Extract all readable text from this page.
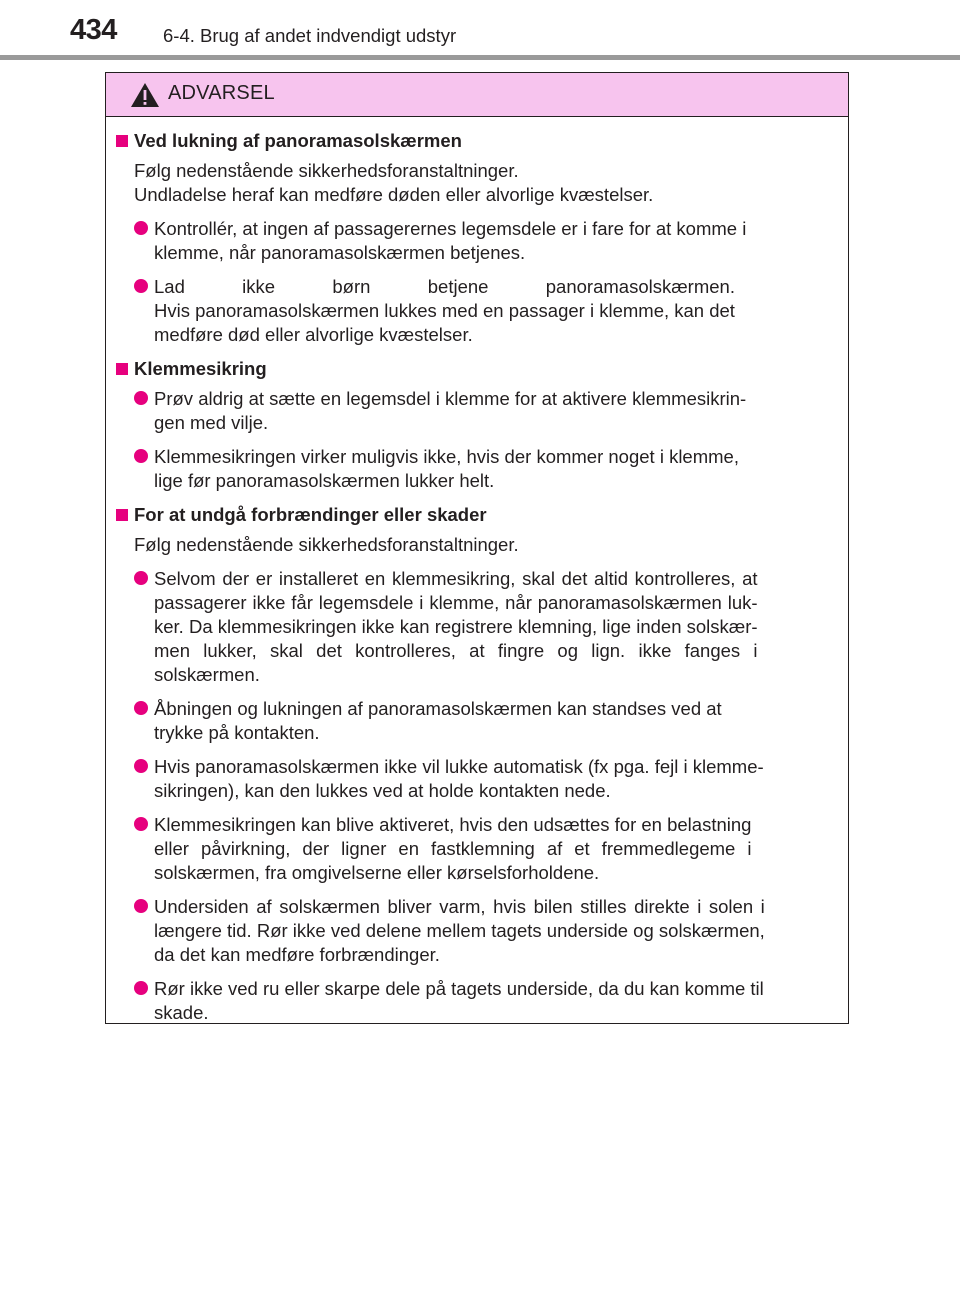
434 6-4. Brug af andet indvendigt udstyr
ADVARSEL
Ved lukning af panoramasolskærmen
Følg nedenstående sikkerhedsforanstaltninger.
Undladelse heraf kan medføre døden eller alvorlige kvæstelser.
Kontrollér, at ingen af passagerernes legemsdele er i fare for at komme i
klemme, når panoramasolskærmen betjenes.
Lad ikke børn betjene panoramasolskærmen.
Hvis panoramasolskærmen lukkes med en passager i klemme, kan det
medføre død eller alvorlige kvæstelser.
Klemmesikring
Prøv aldrig at sætte en legemsdel i klemme for at aktivere klemmesikrin-
gen med vilje.
Klemmesikringen virker muligvis ikke, hvis der kommer noget i klemme,
lige før panoramasolskærmen lukker helt.
For at undgå forbrændinger eller skader
Følg nedenstående sikkerhedsforanstaltninger.
Selvom der er installeret en klemmesikring, skal det altid kontrolleres, at
passagerer ikke får legemsdele i klemme, når panoramasolskærmen luk-
ker. Da klemmesikringen ikke kan registrere klemning, lige inden solskær-
men lukker, skal det kontrolleres, at fingre og lign. ikke fanges i
solskærmen.
Åbningen og lukningen af panoramasolskærmen kan standses ved at
trykke på kontakten.
Hvis panoramasolskærmen ikke vil lukke automatisk (fx pga. fejl i klemme-
sikringen), kan den lukkes ved at holde kontakten nede.
Klemmesikringen kan blive aktiveret, hvis den udsættes for en belastning
eller påvirkning, der ligner en fastklemning af et fremmedlegeme i
solskærmen, fra omgivelserne eller kørselsforholdene.
Undersiden af solskærmen bliver varm, hvis bilen stilles direkte i solen i
længere tid. Rør ikke ved delene mellem tagets underside og solskærmen,
da det kan medføre forbrændinger.
Rør ikke ved ru eller skarpe dele på tagets underside, da du kan komme til
skade.
